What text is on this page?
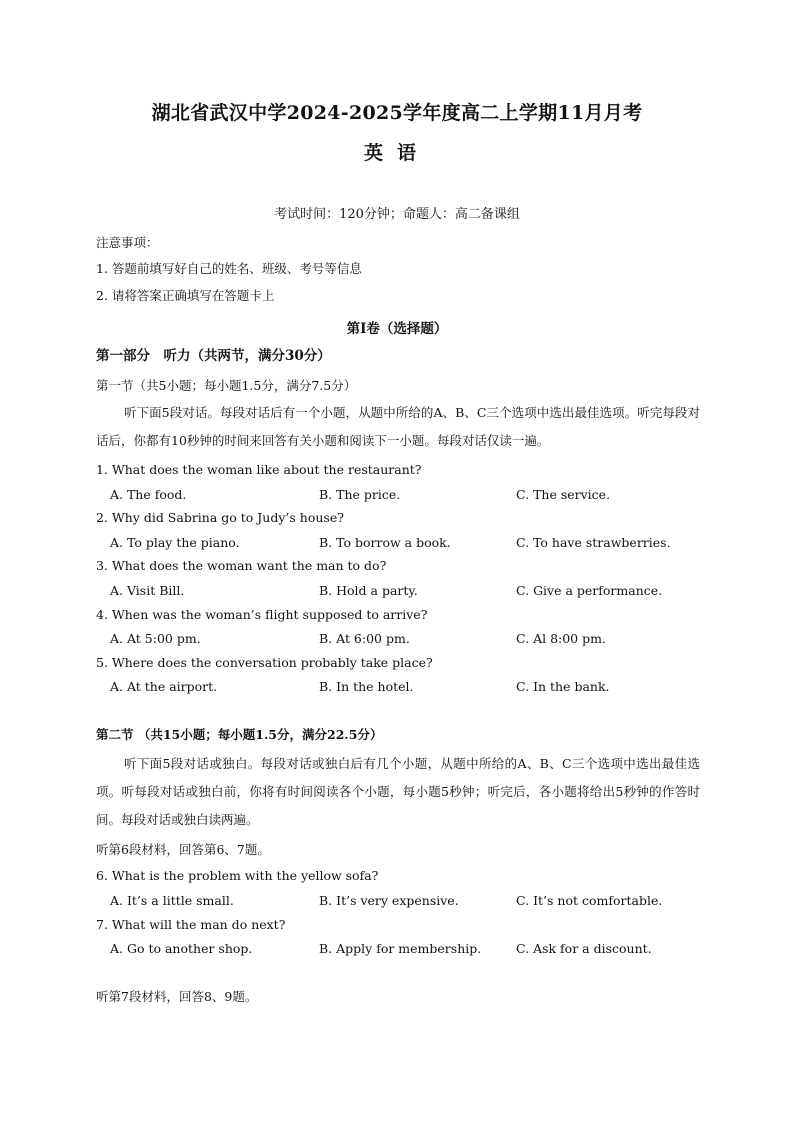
湖北省武汉中学2024-2025学年度高二上学期11月月考
英语
考试时间：120分钟；命题人：高二备课组
注意事项：
1. 答题前填写好自己的姓名、班级、考号等信息
2. 请将答案正确填写在答题卡上
第I卷（选择题）
第一部分　听力（共两节，满分30分）
第一节（共5小题；每小题1.5分，满分7.5分）
听下面5段对话。每段对话后有一个小题，从题中所给的A、B、C三个选项中选出最佳选项。听完每段对话后，你都有10秒钟的时间来回答有关小题和阅读下一小题。每段对话仅读一遍。
1. What does the woman like about the restaurant?
A. The food.	B. The price.	C. The service.
2. Why did Sabrina go to Judy’s house?
A. To play the piano.	B. To borrow a book.	C. To have strawberries.
3. What does the woman want the man to do?
A. Visit Bill.	B. Hold a party.	C. Give a performance.
4. When was the woman’s flight supposed to arrive?
A. At 5:00 pm.	B. At 6:00 pm.	C. Al 8:00 pm.
5. Where does the conversation probably take place?
A. At the airport.	B. In the hotel.	C. In the bank.
第二节 （共15小题；每小题1.5分，满分22.5分）
听下面5段对话或独白。每段对话或独白后有几个小题，从题中所给的A、B、C三个选项中选出最佳选项。听每段对话或独白前，你将有时间阅读各个小题，每小题5秒钟；听完后，各小题将给出5秒钟的作答时间。每段对话或独白读两遍。
听第6段材料，回答第6、7题。
6. What is the problem with the yellow sofa?
A. It’s a little small.	B. It’s very expensive.	C. It’s not comfortable.
7. What will the man do next?
A. Go to another shop.	B. Apply for membership.	C. Ask for a discount.
听第7段材料，回答8、9题。
